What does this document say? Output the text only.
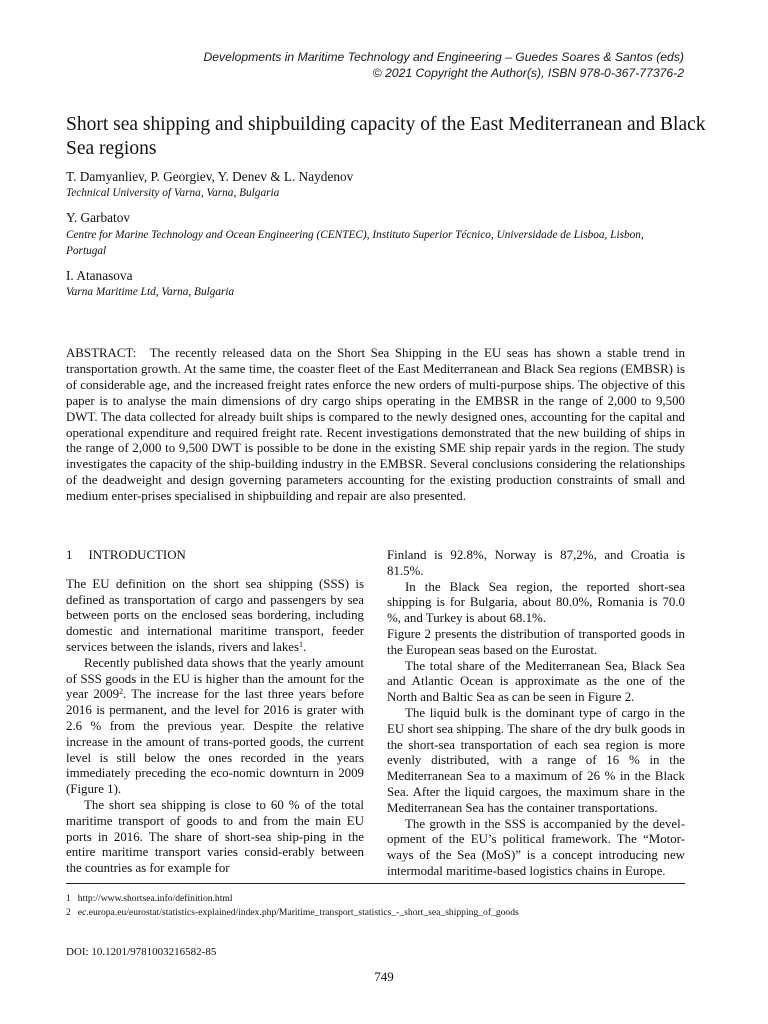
Developments in Maritime Technology and Engineering – Guedes Soares & Santos (eds)
© 2021 Copyright the Author(s), ISBN 978-0-367-77376-2
Short sea shipping and shipbuilding capacity of the East Mediterranean and Black Sea regions
T. Damyanliev, P. Georgiev, Y. Denev & L. Naydenov
Technical University of Varna, Varna, Bulgaria
Y. Garbatov
Centre for Marine Technology and Ocean Engineering (CENTEC), Instituto Superior Técnico, Universidade de Lisboa, Lisbon, Portugal
I. Atanasova
Varna Maritime Ltd, Varna, Bulgaria

ABSTRACT: The recently released data on the Short Sea Shipping in the EU seas has shown a stable trend in transportation growth. At the same time, the coaster fleet of the East Mediterranean and Black Sea regions (EMBSR) is of considerable age, and the increased freight rates enforce the new orders of multi-purpose ships. The objective of this paper is to analyse the main dimensions of dry cargo ships operating in the EMBSR in the range of 2,000 to 9,500 DWT. The data collected for already built ships is compared to the newly designed ones, accounting for the capital and operational expenditure and required freight rate. Recent investigations demonstrated that the new building of ships in the range of 2,000 to 9,500 DWT is possible to be done in the existing SME ship repair yards in the region. The study investigates the capacity of the ship-building industry in the EMBSR. Several conclusions considering the relationships of the deadweight and design governing parameters accounting for the existing production constraints of small and medium enter-prises specialised in shipbuilding and repair are also presented.

1 INTRODUCTION

The EU definition on the short sea shipping (SSS) is defined as transportation of cargo and passengers by sea between ports on the enclosed seas bordering, including domestic and international maritime transport, feeder services between the islands, rivers and lakes$^1$.

Recently published data shows that the yearly amount of SSS goods in the EU is higher than the amount for the year 2009$^2$. The increase for the last three years before 2016 is permanent, and the level for 2016 is grater with 2.6 % from the previous year. Despite the relative increase in the amount of trans-ported goods, the current level is still below the ones recorded in the years immediately preceding the eco-nomic downturn in 2009 (Figure 1).

The short sea shipping is close to 60 % of the total maritime transport of goods to and from the main EU ports in 2016. The share of short-sea ship-ping in the entire maritime transport varies consid-erably between the countries as for example for

Finland is 92.8%, Norway is 87,2%, and Croatia is 81.5%.

In the Black Sea region, the reported short-sea shipping is for Bulgaria, about 80.0%, Romania is 70.0 %, and Turkey is about 68.1%.

Figure 2 presents the distribution of transported goods in the European seas based on the Eurostat.

The total share of the Mediterranean Sea, Black Sea and Atlantic Ocean is approximate as the one of the North and Baltic Sea as can be seen in Figure 2.

The liquid bulk is the dominant type of cargo in the EU short sea shipping. The share of the dry bulk goods in the short-sea transportation of each sea region is more evenly distributed, with a range of 16 % in the Mediterranean Sea to a maximum of 26 % in the Black Sea. After the liquid cargoes, the maximum share in the Mediterranean Sea has the container transportations.

The growth in the SSS is accompanied by the devel-opment of the EU’s political framework. The “Motor-ways of the Sea (MoS)” is a concept introducing new intermodal maritime-based logistics chains in Europe.

1 http://www.shortsea.info/definition.html
2 ec.europa.eu/eurostat/statistics-explained/index.php/Maritime_transport_statistics_-_short_sea_shipping_of_goods
DOI: 10.1201/9781003216582-85
749
